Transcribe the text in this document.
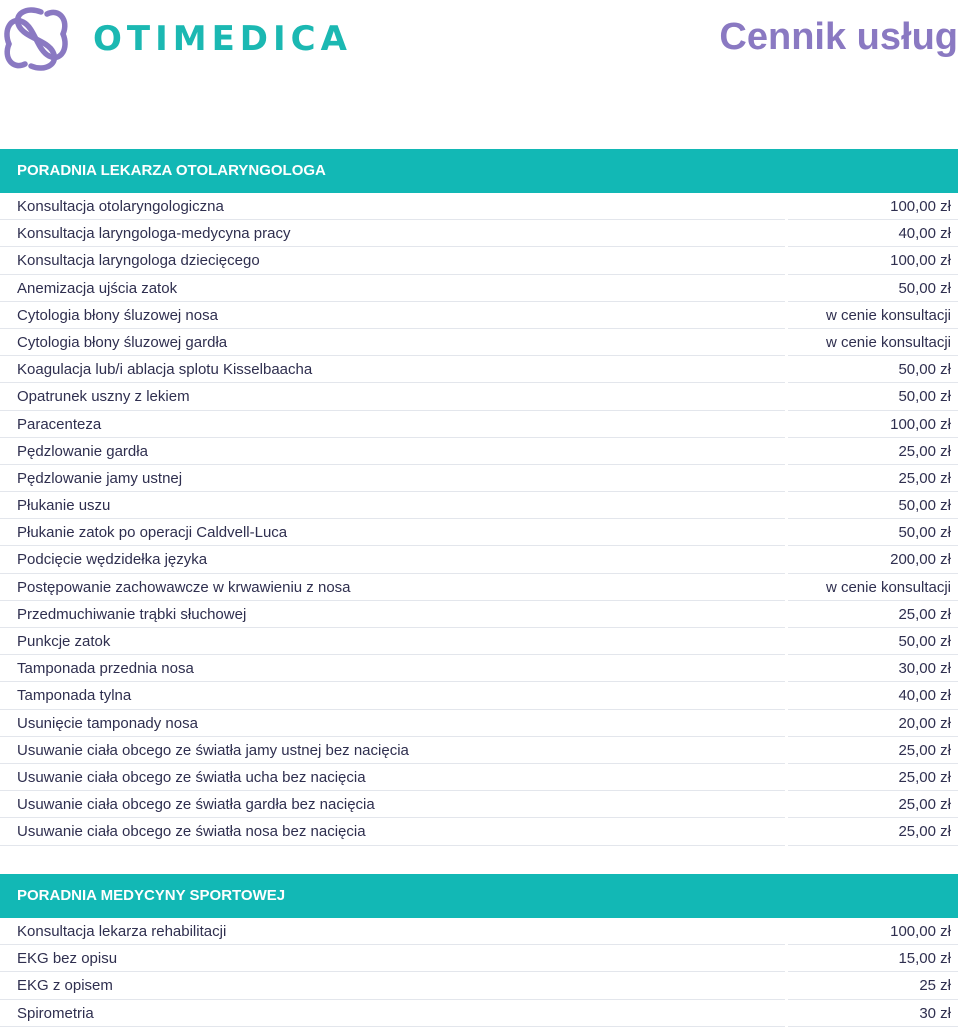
OTIMEDICA	Cennik usług
PORADNIA LEKARZA OTOLARYNGOLOGA
Konsultacja otolaryngologiczna	100,00 zł
Konsultacja laryngologa-medycyna pracy	40,00 zł
Konsultacja laryngologa dziecięcego	100,00 zł
Anemizacja ujścia zatok	50,00 zł
Cytologia błony śluzowej nosa	w cenie konsultacji
Cytologia błony śluzowej gardła	w cenie konsultacji
Koagulacja lub/i ablacja splotu Kisselbaacha	50,00 zł
Opatrunek uszny z lekiem	50,00 zł
Paracenteza	100,00 zł
Pędzlowanie gardła	25,00 zł
Pędzlowanie jamy ustnej	25,00 zł
Płukanie uszu	50,00 zł
Płukanie zatok po operacji Caldvell-Luca	50,00 zł
Podcięcie wędzidełka języka	200,00 zł
Postępowanie zachowawcze w krwawieniu z nosa	w cenie konsultacji
Przedmuchiwanie trąbki słuchowej	25,00 zł
Punkcje zatok	50,00 zł
Tamponada przednia nosa	30,00 zł
Tamponada tylna	40,00 zł
Usunięcie tamponady nosa	20,00 zł
Usuwanie ciała obcego ze światła jamy ustnej bez nacięcia	25,00 zł
Usuwanie ciała obcego ze światła ucha bez nacięcia	25,00 zł
Usuwanie ciała obcego ze światła gardła bez nacięcia	25,00 zł
Usuwanie ciała obcego ze światła nosa bez nacięcia	25,00 zł
PORADNIA MEDYCYNY SPORTOWEJ
Konsultacja lekarza rehabilitacji	100,00 zł
EKG bez opisu	15,00 zł
EKG z opisem	25 zł
Spirometria	30 zł
